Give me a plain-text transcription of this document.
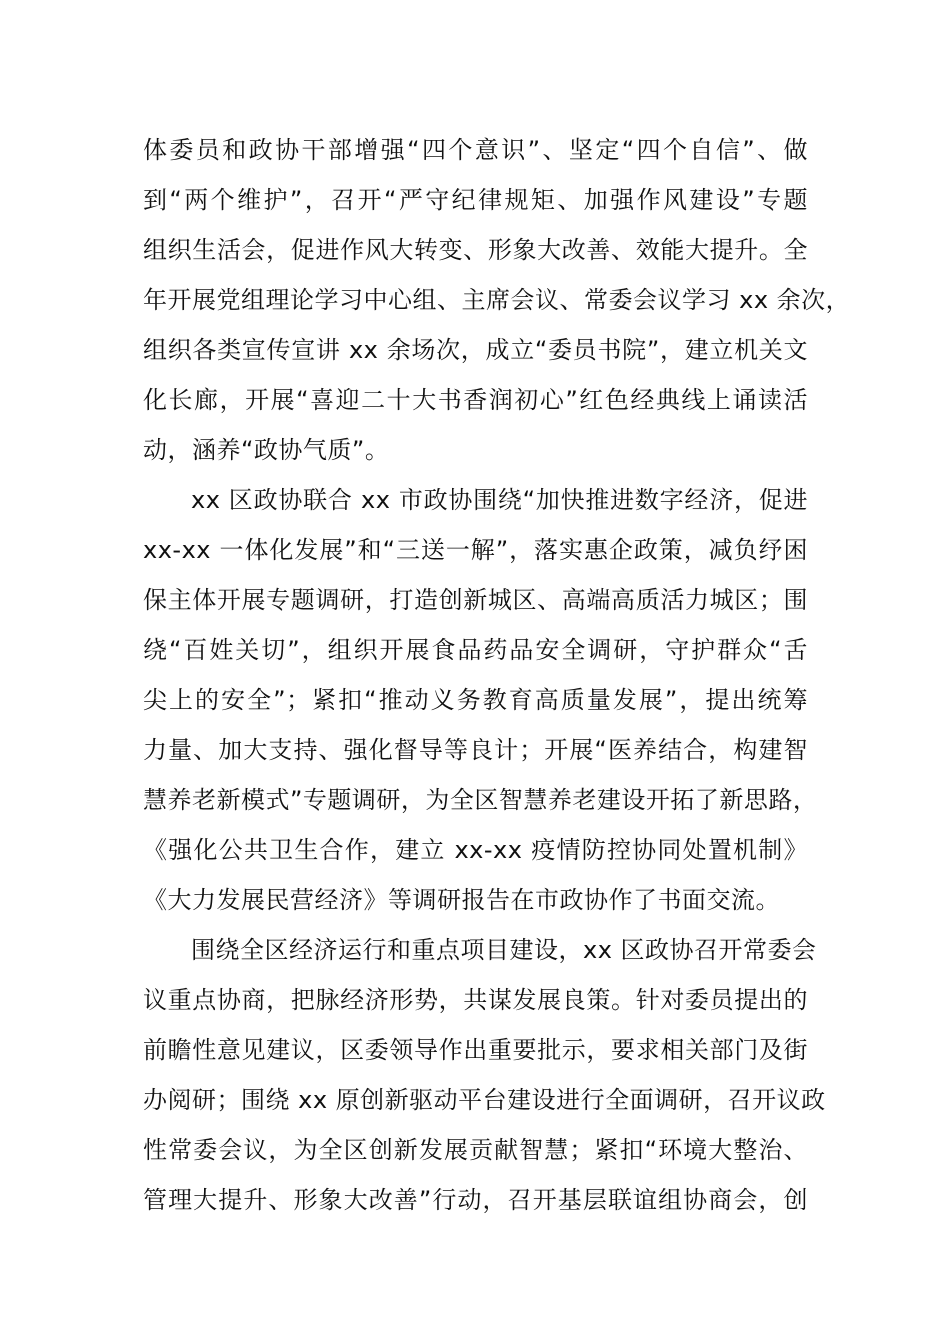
体委员和政协干部增强“四个意识”、坚定“四个自信”、做
到“两个维护”，召开“严守纪律规矩、加强作风建设”专题
组织生活会，促进作风大转变、形象大改善、效能大提升。全
年开展党组理论学习中心组、主席会议、常委会议学习 xx 余次，
组织各类宣传宣讲 xx 余场次，成立“委员书院”，建立机关文
化长廊，开展“喜迎二十大书香润初心”红色经典线上诵读活
动，涵养“政协气质”。
xx 区政协联合 xx 市政协围绕“加快推进数字经济，促进
xx-xx 一体化发展”和“三送一解”，落实惠企政策，减负纾困
保主体开展专题调研，打造创新城区、高端高质活力城区；围
绕“百姓关切”，组织开展食品药品安全调研，守护群众“舌
尖上的安全”；紧扣“推动义务教育高质量发展”，提出统筹
力量、加大支持、强化督导等良计；开展“医养结合，构建智
慧养老新模式”专题调研，为全区智慧养老建设开拓了新思路，
《强化公共卫生合作，建立 xx-xx 疫情防控协同处置机制》
《大力发展民营经济》等调研报告在市政协作了书面交流。
围绕全区经济运行和重点项目建设，xx 区政协召开常委会
议重点协商，把脉经济形势，共谋发展良策。针对委员提出的
前瞻性意见建议，区委领导作出重要批示，要求相关部门及街
办阅研；围绕 xx 原创新驱动平台建设进行全面调研，召开议政
性常委会议，为全区创新发展贡献智慧；紧扣“环境大整治、
管理大提升、形象大改善”行动，召开基层联谊组协商会，创
